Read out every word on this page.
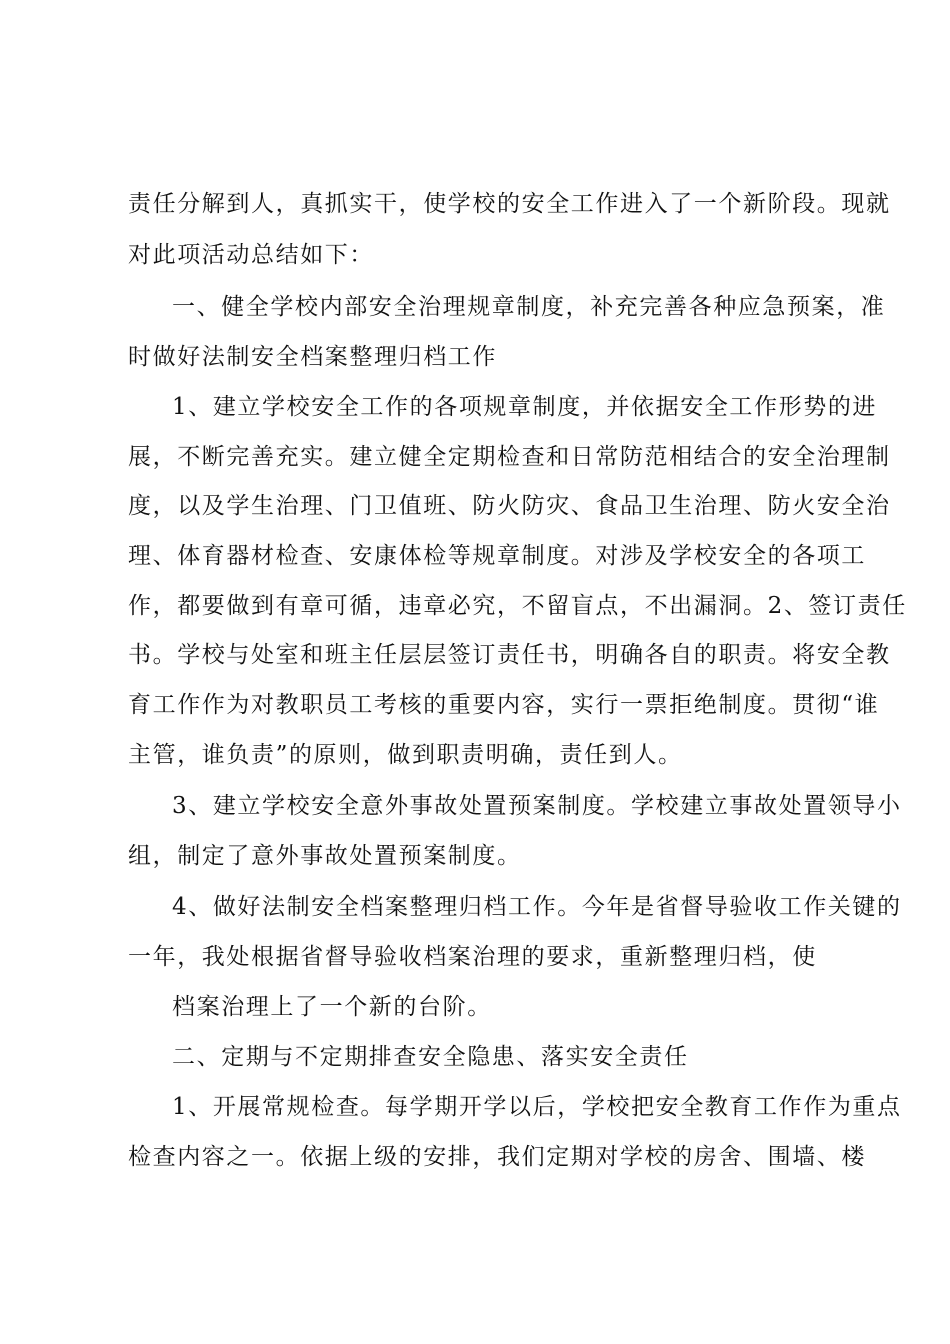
责任分解到人，真抓实干，使学校的安全工作进入了一个新阶段。现就
对此项活动总结如下：
一、健全学校内部安全治理规章制度，补充完善各种应急预案，准
时做好法制安全档案整理归档工作
1、建立学校安全工作的各项规章制度，并依据安全工作形势的进
展，不断完善充实。建立健全定期检查和日常防范相结合的安全治理制
度，以及学生治理、门卫值班、防火防灾、食品卫生治理、防火安全治
理、体育器材检查、安康体检等规章制度。对涉及学校安全的各项工
作，都要做到有章可循，违章必究，不留盲点，不出漏洞。2、签订责任
书。学校与处室和班主任层层签订责任书，明确各自的职责。将安全教
育工作作为对教职员工考核的重要内容，实行一票拒绝制度。贯彻“谁
主管，谁负责”的原则，做到职责明确，责任到人。
3、建立学校安全意外事故处置预案制度。学校建立事故处置领导小
组，制定了意外事故处置预案制度。
4、做好法制安全档案整理归档工作。今年是省督导验收工作关键的
一年，我处根据省督导验收档案治理的要求，重新整理归档，使
档案治理上了一个新的台阶。
二、定期与不定期排查安全隐患、落实安全责任
1、开展常规检查。每学期开学以后，学校把安全教育工作作为重点
检查内容之一。依据上级的安排，我们定期对学校的房舍、围墙、楼
